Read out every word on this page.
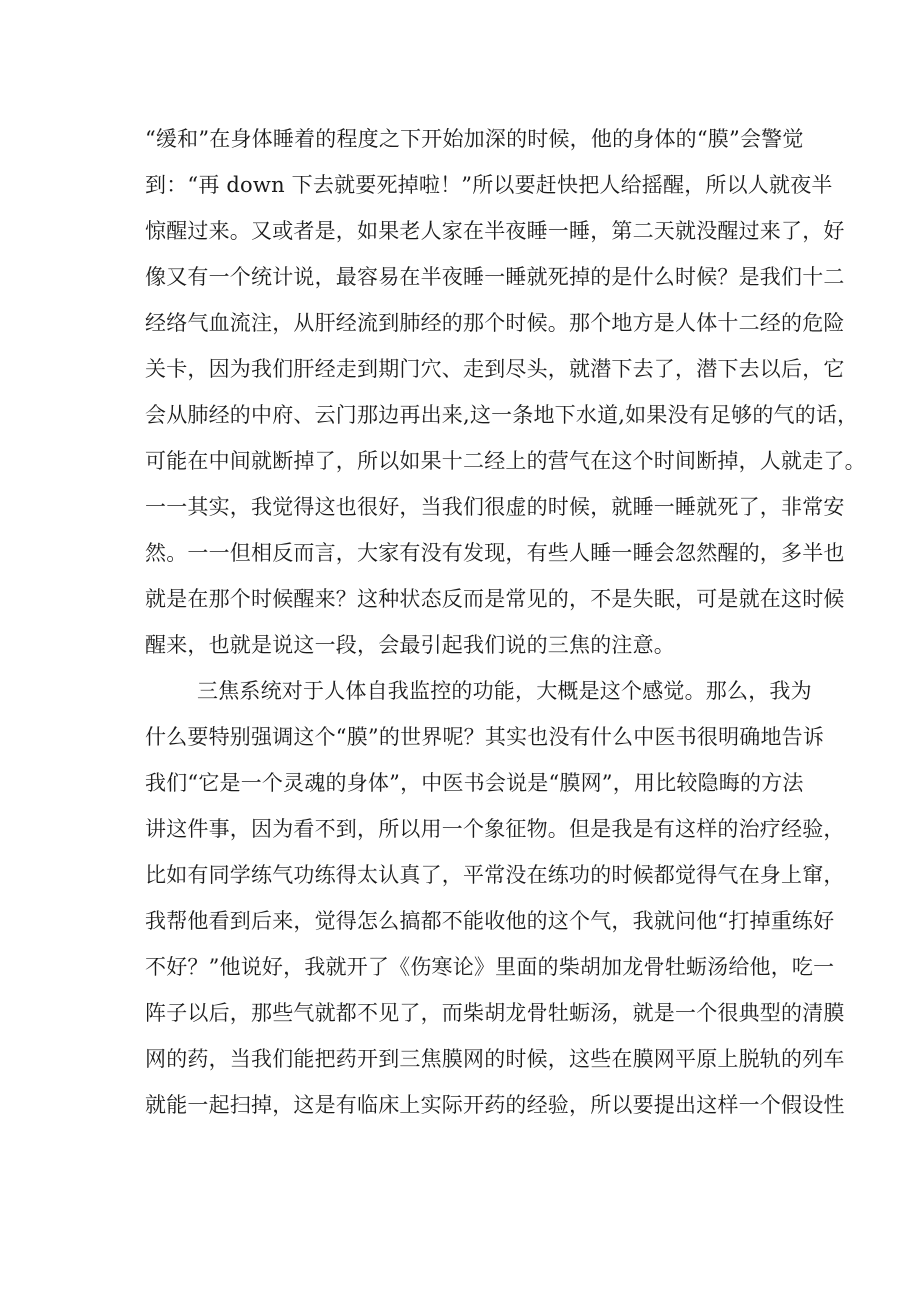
“缓和”在身体睡着的程度之下开始加深的时候，他的身体的“膜”会警觉
到：“再 down 下去就要死掉啦！”所以要赶快把人给摇醒，所以人就夜半
惊醒过来。又或者是，如果老人家在半夜睡一睡，第二天就没醒过来了，好
像又有一个统计说，最容易在半夜睡一睡就死掉的是什么时候？是我们十二
经络气血流注，从肝经流到肺经的那个时候。那个地方是人体十二经的危险
关卡，因为我们肝经走到期门穴、走到尽头，就潜下去了，潜下去以后，它
会从肺经的中府、云门那边再出来,这一条地下水道,如果没有足够的气的话，
可能在中间就断掉了，所以如果十二经上的营气在这个时间断掉，人就走了。
一一其实，我觉得这也很好，当我们很虚的时候，就睡一睡就死了，非常安
然。一一但相反而言，大家有没有发现，有些人睡一睡会忽然醒的，多半也
就是在那个时候醒来？这种状态反而是常见的，不是失眠，可是就在这时候
醒来，也就是说这一段，会最引起我们说的三焦的注意。
三焦系统对于人体自我监控的功能，大概是这个感觉。那么，我为
什么要特别强调这个“膜”的世界呢？其实也没有什么中医书很明确地告诉
我们“它是一个灵魂的身体”，中医书会说是“膜网”，用比较隐晦的方法
讲这件事，因为看不到，所以用一个象征物。但是我是有这样的治疗经验，
比如有同学练气功练得太认真了，平常没在练功的时候都觉得气在身上窜，
我帮他看到后来，觉得怎么搞都不能收他的这个气，我就问他“打掉重练好
不好？”他说好，我就开了《伤寒论》里面的柴胡加龙骨牡蛎汤给他，吃一
阵子以后，那些气就都不见了，而柴胡龙骨牡蛎汤，就是一个很典型的清膜
网的药，当我们能把药开到三焦膜网的时候，这些在膜网平原上脱轨的列车
就能一起扫掉，这是有临床上实际开药的经验，所以要提出这样一个假设性
